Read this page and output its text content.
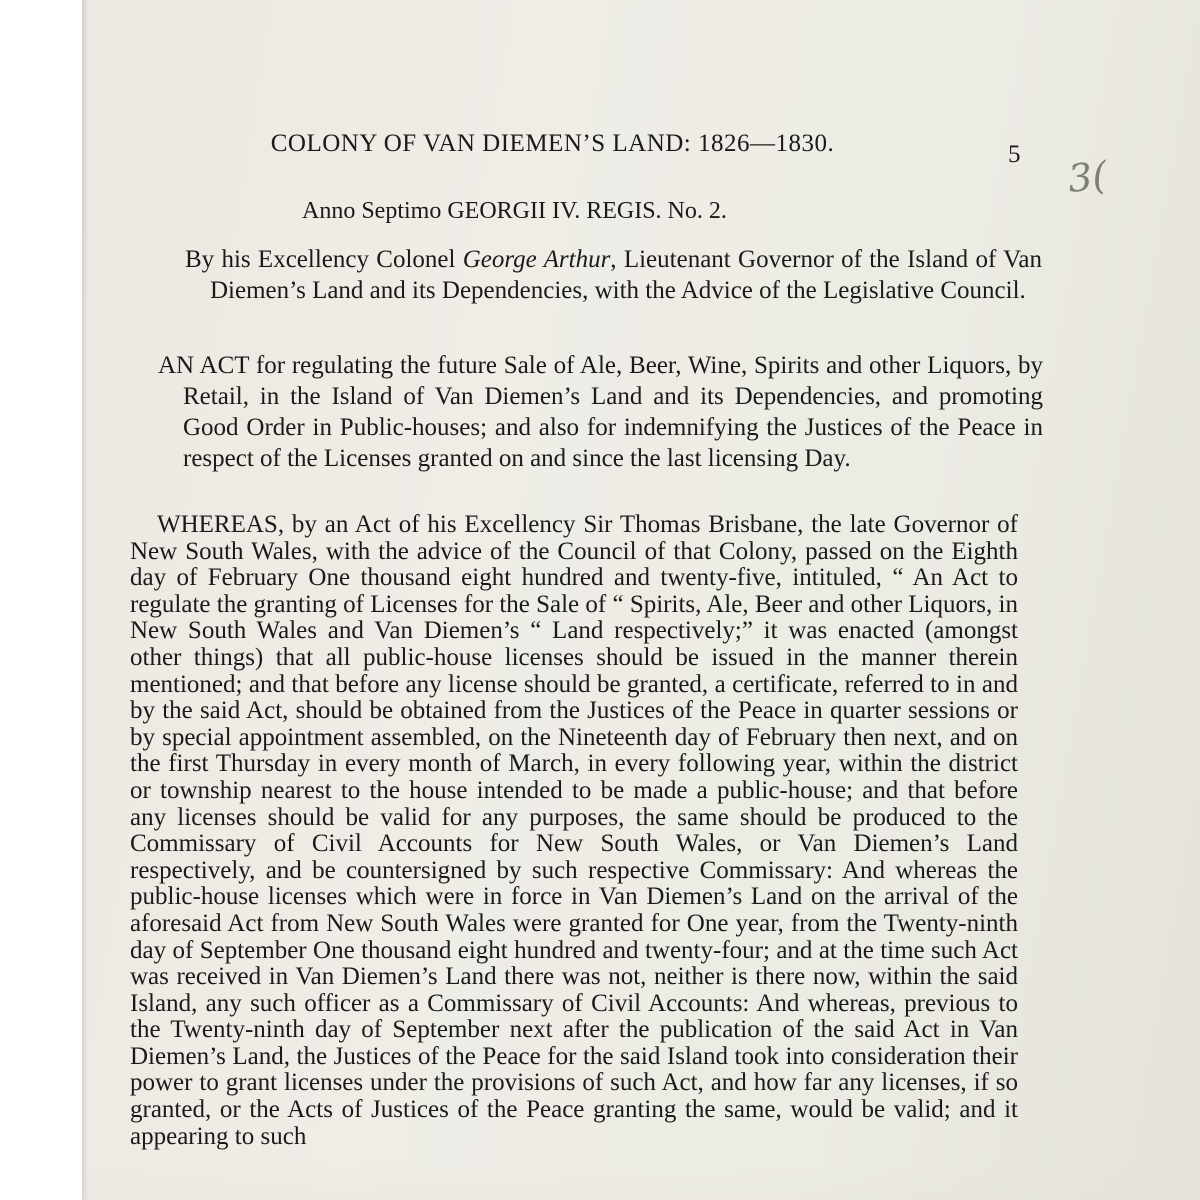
COLONY OF VAN DIEMEN’S LAND: 1826—1830.	5 3(
Anno Septimo GEORGII IV. REGIS. No. 2.

By his Excellency Colonel George Arthur, Lieutenant Governor of the Island of Van Diemen’s Land and its Dependencies, with the Advice of the Legislative Council.

AN ACT for regulating the future Sale of Ale, Beer, Wine, Spirits and other Liquors, by Retail, in the Island of Van Diemen’s Land and its Dependencies, and promoting Good Order in Public-houses; and also for indemnifying the Justices of the Peace in respect of the Licenses granted on and since the last licensing Day.

WHEREAS, by an Act of his Excellency Sir Thomas Brisbane, the late Governor of New South Wales, with the advice of the Council of that Colony, passed on the Eighth day of February One thousand eight hundred and twenty-five, intituled, “ An Act to regulate the granting of Licenses for the Sale of “ Spirits, Ale, Beer and other Liquors, in New South Wales and Van Diemen’s “ Land respectively;” it was enacted (amongst other things) that all public-house licenses should be issued in the manner therein mentioned; and that before any license should be granted, a certificate, referred to in and by the said Act, should be obtained from the Justices of the Peace in quarter sessions or by special appointment assembled, on the Nineteenth day of February then next, and on the first Thursday in every month of March, in every following year, within the district or township nearest to the house intended to be made a public-house; and that before any licenses should be valid for any purposes, the same should be produced to the Commissary of Civil Accounts for New South Wales, or Van Diemen’s Land respectively, and be countersigned by such respective Commissary: And whereas the public-house licenses which were in force in Van Diemen’s Land on the arrival of the aforesaid Act from New South Wales were granted for One year, from the Twenty-ninth day of September One thousand eight hundred and twenty-four; and at the time such Act was received in Van Diemen’s Land there was not, neither is there now, within the said Island, any such officer as a Commissary of Civil Accounts: And whereas, previous to the Twenty-ninth day of September next after the publication of the said Act in Van Diemen’s Land, the Justices of the Peace for the said Island took into consideration their power to grant licenses under the provisions of such Act, and how far any licenses, if so granted, or the Acts of Justices of the Peace granting the same, would be valid; and it appearing to such
